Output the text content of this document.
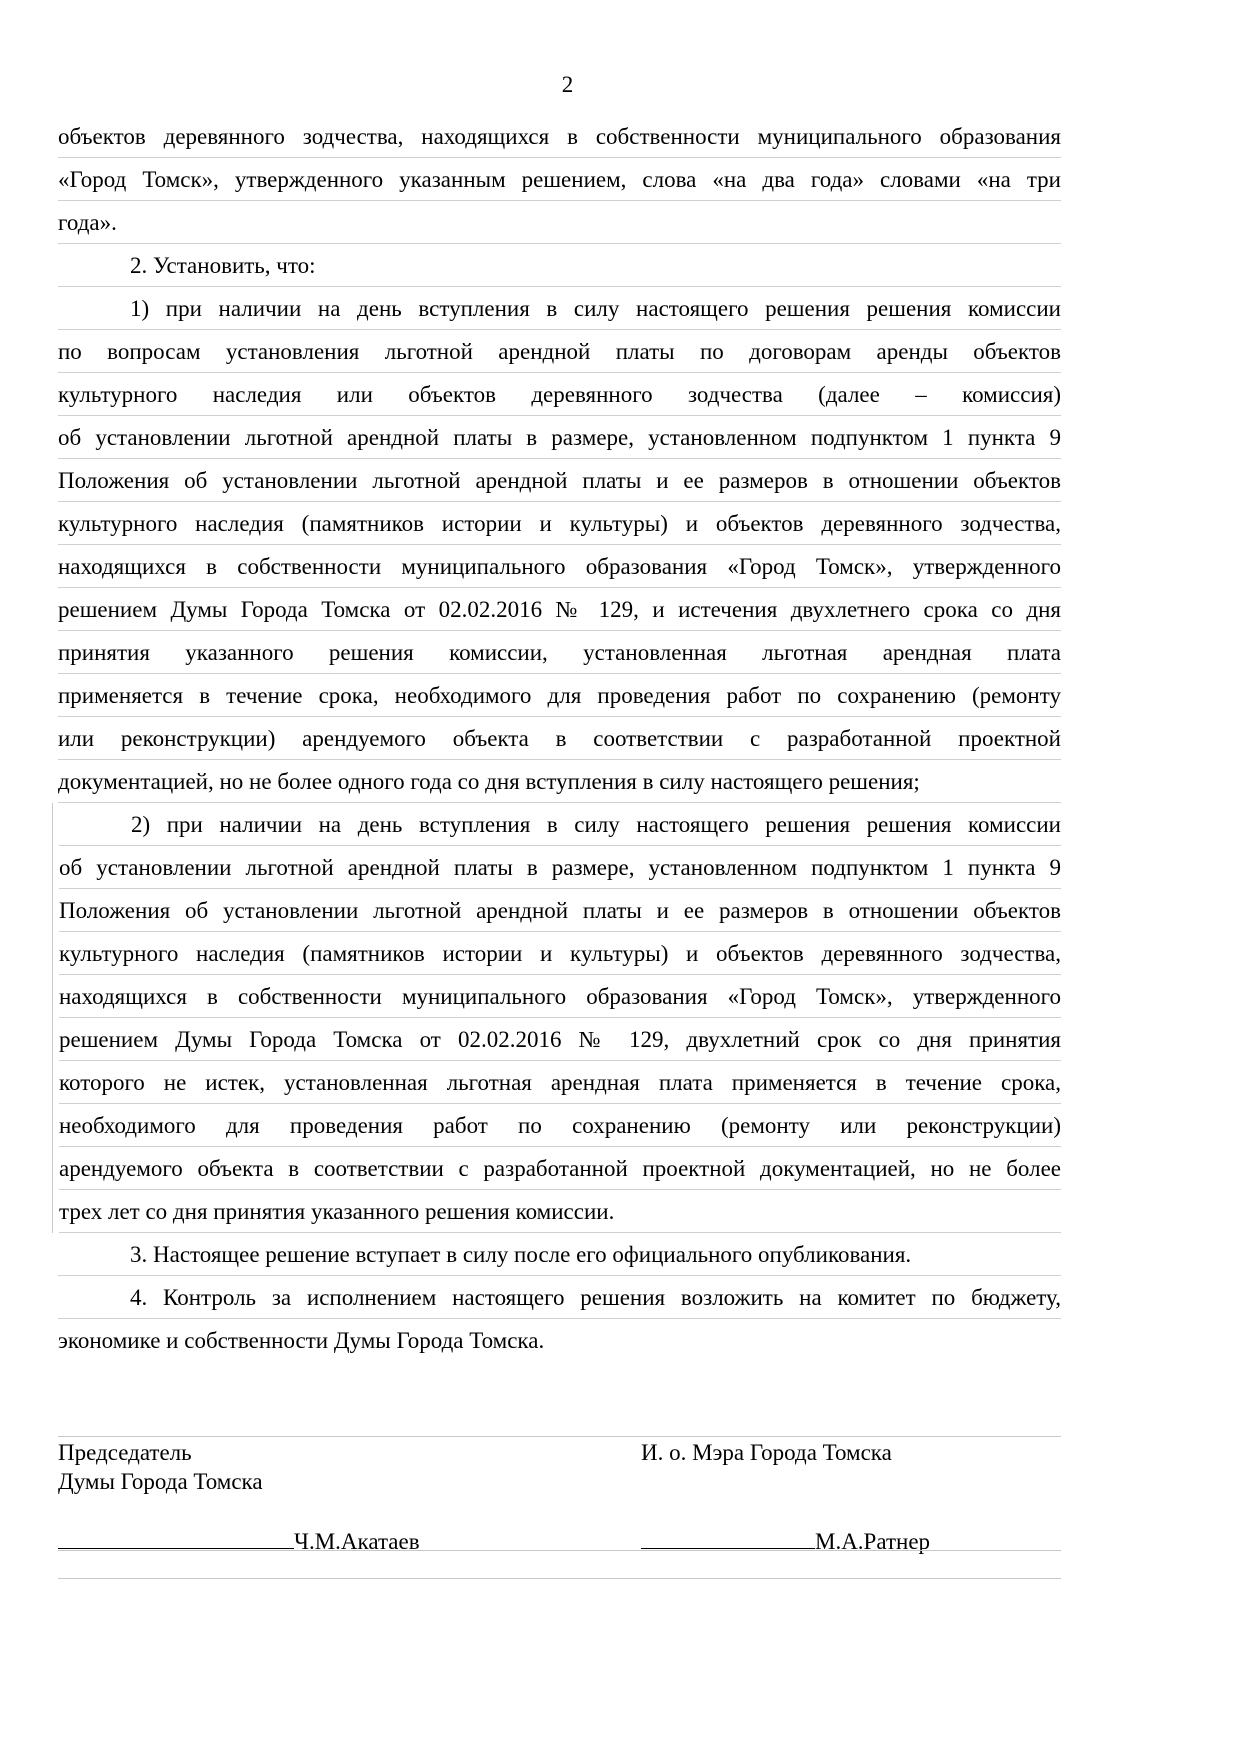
2
объектов деревянного зодчества, находящихся в собственности муниципального образования
«Город Томск», утвержденного указанным решением, слова «на два года» словами «на три
года».
2. Установить, что:
1) при наличии на день вступления в силу настоящего решения решения комиссии
по вопросам установления льготной арендной платы по договорам аренды объектов
культурного наследия или объектов деревянного зодчества (далее – комиссия)
об установлении льготной арендной платы в размере, установленном подпунктом 1 пункта 9
Положения об установлении льготной арендной платы и ее размеров в отношении объектов
культурного наследия (памятников истории и культуры) и объектов деревянного зодчества,
находящихся в собственности муниципального образования «Город Томск», утвержденного
решением Думы Города Томска от 02.02.2016 № 129, и истечения двухлетнего срока со дня
принятия указанного решения комиссии, установленная льготная арендная плата
применяется в течение срока, необходимого для проведения работ по сохранению (ремонту
или реконструкции) арендуемого объекта в соответствии с разработанной проектной
документацией, но не более одного года со дня вступления в силу настоящего решения;
2) при наличии на день вступления в силу настоящего решения решения комиссии
об установлении льготной арендной платы в размере, установленном подпунктом 1 пункта 9
Положения об установлении льготной арендной платы и ее размеров в отношении объектов
культурного наследия (памятников истории и культуры) и объектов деревянного зодчества,
находящихся в собственности муниципального образования «Город Томск», утвержденного
решением Думы Города Томска от 02.02.2016 № 129, двухлетний срок со дня принятия
которого не истек, установленная льготная арендная плата применяется в течение срока,
необходимого для проведения работ по сохранению (ремонту или реконструкции)
арендуемого объекта в соответствии с разработанной проектной документацией, но не более
трех лет со дня принятия указанного решения комиссии.
3. Настоящее решение вступает в силу после его официального опубликования.
4. Контроль за исполнением настоящего решения возложить на комитет по бюджету,
экономике и собственности Думы Города Томска.
Председатель
Думы Города Томска
И. о. Мэра Города Томска
Ч.М.Акатаев	М.А.Ратнер
